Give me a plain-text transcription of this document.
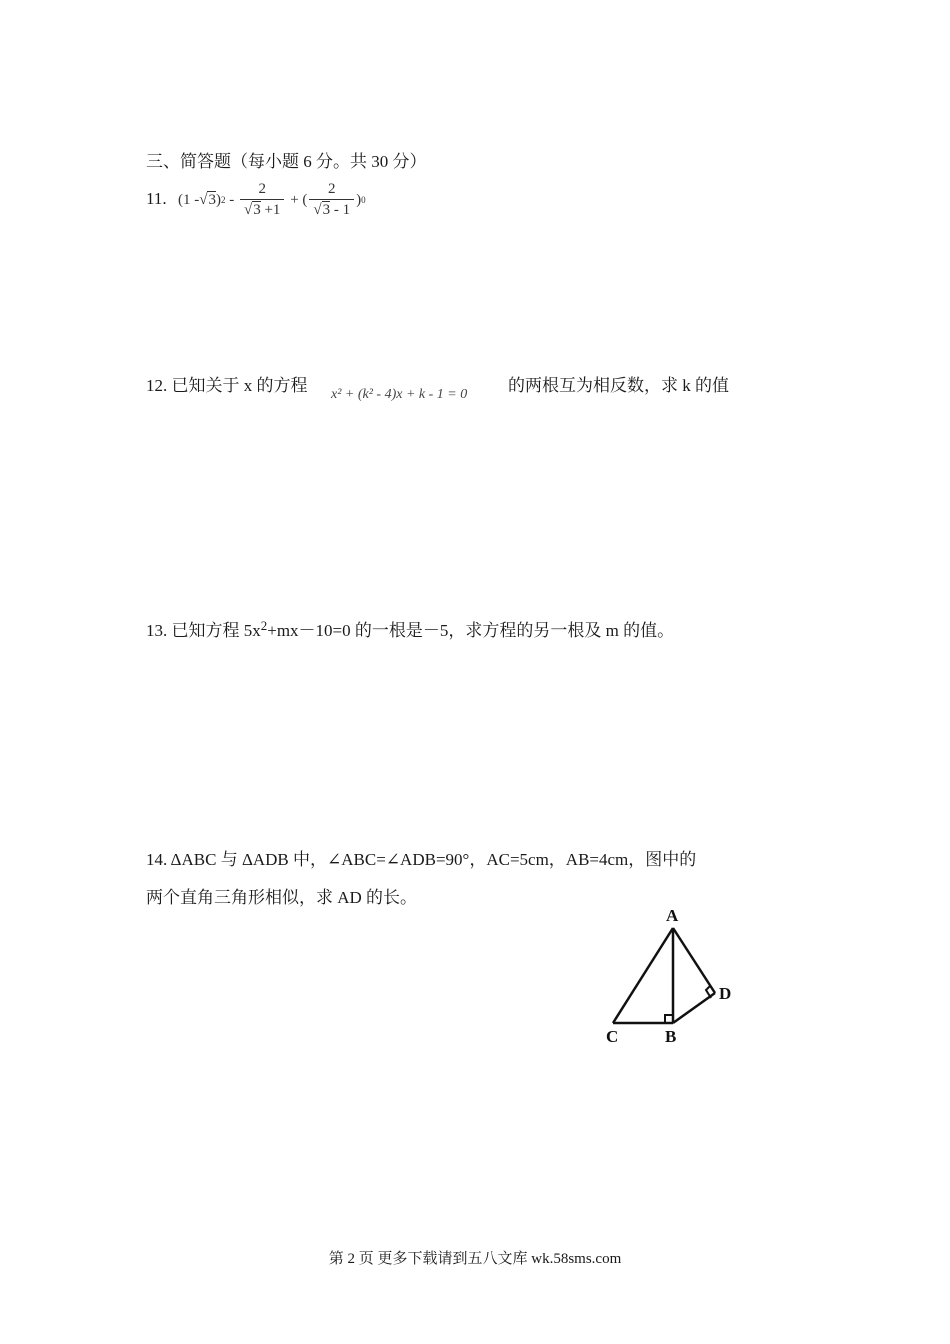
三、简答题（每小题 6 分。共 30 分）
11. (1 - √3 ) $2 - \frac{2}{√3 +1}$ + ( $\frac{2}{√3 - 1}$ ) 0
12. 已知关于 x 的方程 x² + (k² - 4)x + k - 1 = 0 的两根互为相反数，求 k 的值
13. 已知方程 $5x^2+mx-10=0$ 的一根是－5，求方程的另一根及 m 的值。
14. ΔABC 与 ΔADB 中，∠ABC=∠ADB=90°，AC=5cm，AB=4cm，图中的
两个直角三角形相似，求 AD 的长。
A
B
C
D
第 2 页 更多下载请到五八文库 wk.58sms.com
